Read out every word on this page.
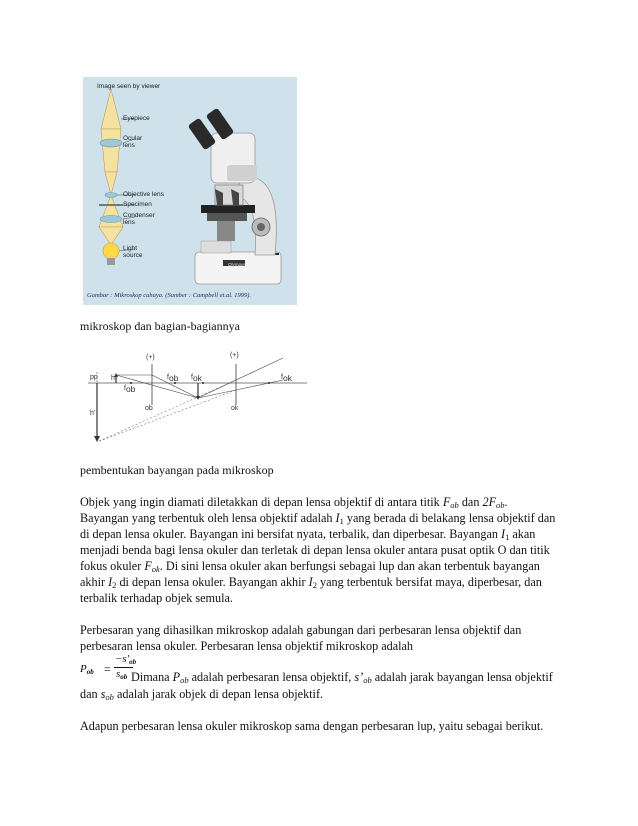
Image seen by viewer
Eyepiece
Ocular lens
Objective lens
Specimen
Condenser lens
Light source
Olympus
Gambar : Mikroskop cahaya. (Sumber : Campbell et.al. 1999).
mikroskop dan bagian-bagiannya
(+)	(+)
pp h
$f_{ob}$
$f_{ob}$ $f_{ok}$	$f_{ok}$
ob	ok
h'
pembentukan bayangan pada mikroskop
Objek yang ingin diamati diletakkan di depan lensa objektif di antara titik $F_{ob}$ dan $2F_{ob}$.
Bayangan yang terbentuk oleh lensa objektif adalah $I_1$ yang berada di belakang lensa objektif dan
di depan lensa okuler. Bayangan ini bersifat nyata, terbalik, dan diperbesar. Bayangan $I_1$ akan
menjadi benda bagi lensa okuler dan terletak di depan lensa okuler antara pusat optik O dan titik
fokus okuler $F_{ok}$. Di sini lensa okuler akan berfungsi sebagai lup dan akan terbentuk bayangan
akhir $I_2$ di depan lensa okuler. Bayangan akhir $I_2$ yang terbentuk bersifat maya, diperbesar, dan
terbalik terhadap objek semula.
Perbesaran yang dihasilkan mikroskop adalah gabungan dari perbesaran lensa objektif dan
perbesaran lensa okuler. Perbesaran lensa objektif mikroskop adalah
$P_{ob}$ =
$-s'_{ob}$
$s_{ob}$ Dimana $P_{ob}$ adalah perbesaran lensa objektif, $s’_{ob}$ adalah jarak bayangan lensa objektif
dan $s_{ob}$ adalah jarak objek di depan lensa objektif.
Adapun perbesaran lensa okuler mikroskop sama dengan perbesaran lup, yaitu sebagai berikut.
